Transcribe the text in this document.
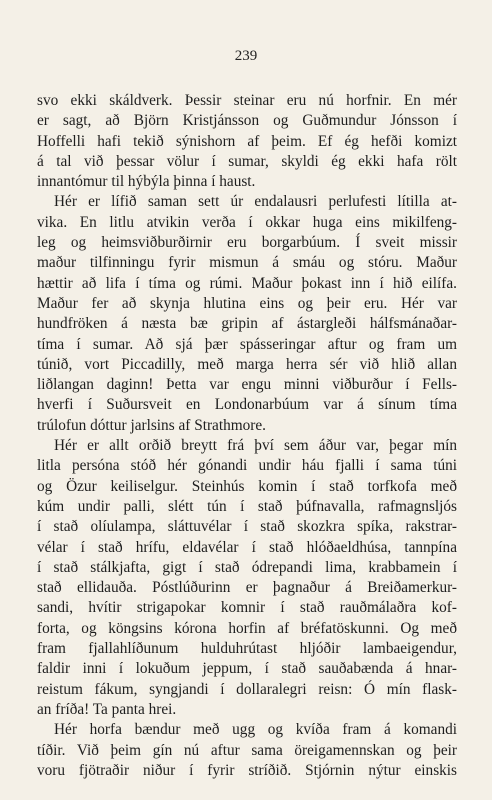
239
svo ekki skáldverk. Þessir steinar eru nú horfnir. En mér
er sagt, að Björn Kristjánsson og Guðmundur Jónsson í
Hoffelli hafi tekið sýnishorn af þeim. Ef ég hefði komizt
á tal við þessar völur í sumar, skyldi ég ekki hafa rölt
innantómur til hýbýla þinna í haust.
Hér er lífið saman sett úr endalausri perlufesti lítilla at-
vika. En litlu atvikin verða í okkar huga eins mikilfeng-
leg og heimsviðburðirnir eru borgarbúum. Í sveit missir
maður tilfinningu fyrir mismun á smáu og stóru. Maður
hættir að lifa í tíma og rúmi. Maður þokast inn í hið eilífa.
Maður fer að skynja hlutina eins og þeir eru. Hér var
hundfröken á næsta bæ gripin af ástargleði hálfsmánaðar-
tíma í sumar. Að sjá þær spásseringar aftur og fram um
túnið, vort Piccadilly, með marga herra sér við hlið allan
liðlangan daginn! Þetta var engu minni viðburður í Fells-
hverfi í Suðursveit en Londonarbúum var á sínum tíma
trúlofun dóttur jarlsins af Strathmore.
Hér er allt orðið breytt frá því sem áður var, þegar mín
litla persóna stóð hér gónandi undir háu fjalli í sama túni
og Özur keiliselgur. Steinhús komin í stað torfkofa með
kúm undir palli, slétt tún í stað þúfnavalla, rafmagnsljós
í stað olíulampa, sláttuvélar í stað skozkra spíka, rakstrar-
vélar í stað hrífu, eldavélar í stað hlóðaeldhúsa, tannpína
í stað stálkjafta, gigt í stað ódrepandi lima, krabbamein í
stað ellidauða. Póstlúðurinn er þagnaður á Breiðamerkur-
sandi, hvítir strigapokar komnir í stað rauðmálaðra kof-
forta, og köngsins kórona horfin af bréfatöskunni. Og með
fram fjallahlíðunum hulduhrútast hljóðir lambaeigendur,
faldir inni í lokuðum jeppum, í stað sauðabænda á hnar-
reistum fákum, syngjandi í dollaralegri reisn: Ó mín flask-
an fríða! Ta panta hrei.
Hér horfa bændur með ugg og kvíða fram á komandi
tíðir. Við þeim gín nú aftur sama öreigamennskan og þeir
voru fjötraðir niður í fyrir stríðið. Stjórnin nýtur einskis
